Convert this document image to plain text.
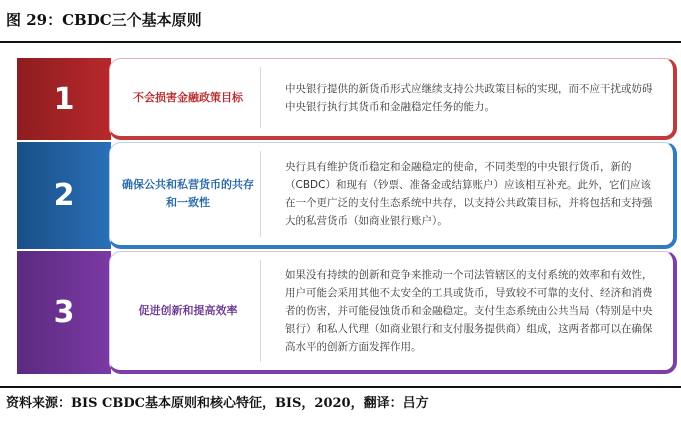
图 29：CBDC三个基本原则
1	不会损害金融政策目标
中央银行提供的新货币形式应继续支持公共政策目标的实现，而不应干扰或妨碍中央银行执行其货币和金融稳定任务的能力。
2	确保公共和私营货币的共存和一致性
央行具有维护货币稳定和金融稳定的使命，不同类型的中央银行货币，新的（CBDC）和现有（钞票、准备金或结算账户）应该相互补充。此外，它们应该在一个更广泛的支付生态系统中共存，以支持公共政策目标，并将包括和支持强大的私营货币（如商业银行账户）。
3	促进创新和提高效率
如果没有持续的创新和竞争来推动一个司法管辖区的支付系统的效率和有效性，用户可能会采用其他不太安全的工具或货币，导致较不可靠的支付、经济和消费者的伤害，并可能侵蚀货币和金融稳定。支付生态系统由公共当局（特别是中央银行）和私人代理（如商业银行和支付服务提供商）组成，这两者都可以在确保高水平的创新方面发挥作用。
资料来源：BIS CBDC基本原则和核心特征，BIS，2020，翻译：吕方
